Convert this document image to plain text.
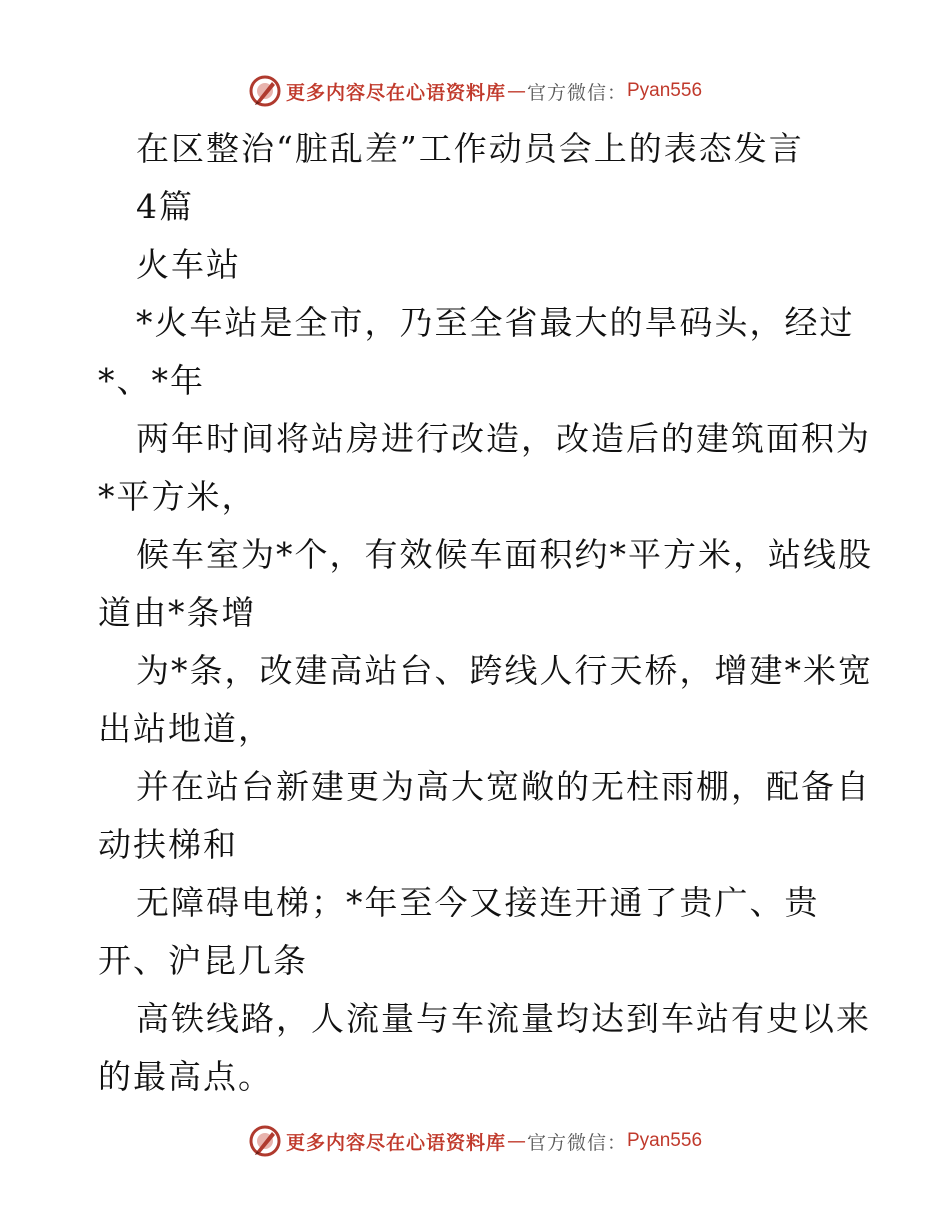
更多内容尽在心语资料库 — 官方微信： Pyan556
在区整治“脏乱差”工作动员会上的表态发言
4篇
火车站
*火车站是全市，乃至全省最大的旱码头，经过
*、*年
两年时间将站房进行改造，改造后的建筑面积为
*平方米，
候车室为*个，有效候车面积约*平方米，站线股
道由*条增
为*条，改建高站台、跨线人行天桥，增建*米宽
出站地道，
并在站台新建更为高大宽敞的无柱雨棚，配备自
动扶梯和
无障碍电梯；*年至今又接连开通了贵广、贵
开、沪昆几条
高铁线路，人流量与车流量均达到车站有史以来
的最高点。
更多内容尽在心语资料库 — 官方微信： Pyan556
